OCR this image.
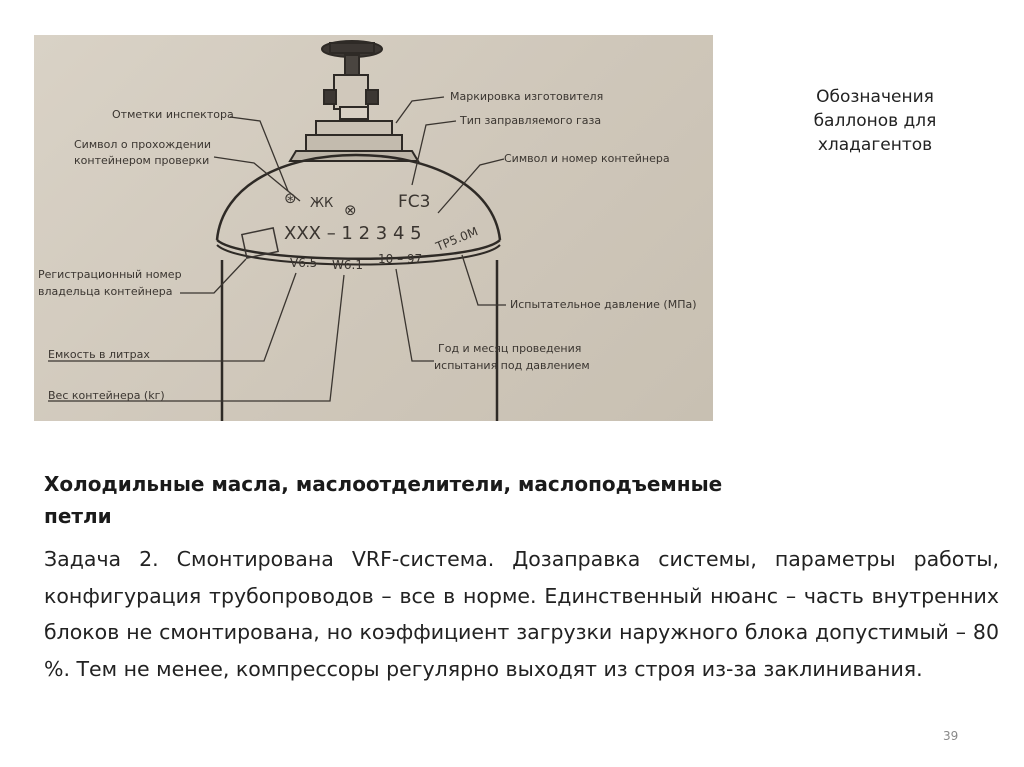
⊛ ЖК ⊗ FC3
XXX – 1 2 3 4 5
V6.5 W6.1 10 – 97
TP5.0M
Маркировка изготовителя
Отметки инспектора	Тип заправляемого газа
Символ о прохождении
контейнером проверки	Символ и номер контейнера
Регистрационный номер
владельца контейнера
Испытательное давление (МПа)
Емкость в литрах	Год и месяц проведения
испытания под давлением
Вес контейнера (kг)
Обозначения
баллонов для
хладагентов
Холодильные масла, маслоотделители, маслоподъемные
петли
Задача 2. Смонтирована VRF-система. Дозаправка системы, параметры работы, конфигурация трубопроводов – все в норме. Единственный нюанс – часть внутренних блоков не смонтирована, но коэффициент загрузки наружного блока допустимый – 80 %. Тем не менее, компрессоры регулярно выходят из строя из-за заклинивания.
39
